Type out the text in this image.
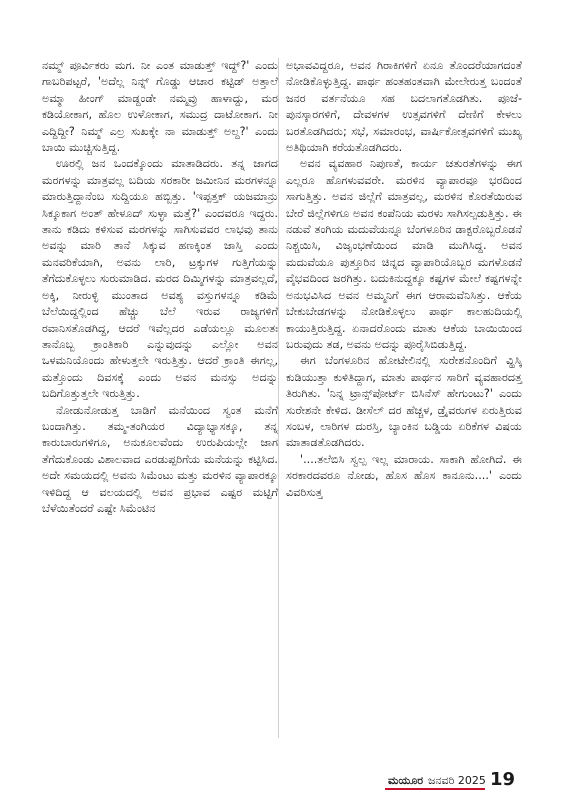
ನಮ್ಮ್ ಪೂರ್ವಿಕರು ಮಗ. ನೀ ಎಂತ ಮಾಡುತ್ತ್ ಇದ್ದ್?' ಎಂದು ಗಾಬರಿಪಟ್ಟರೆ, 'ಅದೆಲ್ಲ ನಿನ್ನ್ ಗೊಡ್ಡು ಆಚಾರ ಕಟ್ಟಿಡ್ ಅತ್ತಾಲೆ ಅಮ್ಮಾ ಹೀಂಗ್ ಮಾಡ್ದಂಡೇ ನಮ್ಮವ್ರು ಹಾಳಾದ್ದು, ಮರ ಕಡಿಯೋಕಾಗ, ಹೊಲ ಉಳೋಕಾಗ, ಸಮುದ್ರ ದಾಟೋಕಾಗ. ನೀ ಎದ್ದಿದ್ದೀ? ನಿಮ್ಮ್ ಎಲ್ರ ಸುಖಕ್ಕೇ ನಾ ಮಾಡುತ್ತ್ ಅಲ್ದ?' ಎಂದು ಬಾಯಿ ಮುಚ್ಚಿಸುತ್ತಿದ್ದ.

ಊರಲ್ಲಿ ಜನ ಒಂದಕ್ಕೊಂದು ಮಾತಾಡಿದರು. ತನ್ನ ಜಾಗದ ಮರಗಳನ್ನು ಮಾತ್ರವಲ್ಲ ಬದಿಯ ಸರಕಾರೀ ಜಮೀನಿನ ಮರಗಳನ್ನೂ ಮಾರುತ್ತಿದ್ದಾನೆಂಬ ಸುದ್ದಿಯೂ ಹಬ್ಬಿತ್ತು. 'ಇಪ್ಪತ್ತಕ್ ಯಜಮಾನ್ರು ಸಿಕ್ಕೂಕಾಗ ಅಂತ್ ಹೇಳೂದ್ ಸುಳ್ಳಾ ಮತ್ತೆ?' ಎಂದವರೂ ಇದ್ದರು. ತಾನು ಕಡಿದು ಕಳಿಸುವ ಮರಗಳನ್ನು ಸಾಗಿಸುವವರ ಲಾಭವು ತಾನು ಅವನ್ನು ಮಾರಿ ತಾನೆ ಸಿಕ್ಕುವ ಹಣಕ್ಕಿಂತ ಜಾಸ್ತಿ ಎಂದು ಮನವರಿಕೆಯಾಗಿ, ಅವನು ಲಾರಿ, ಟ್ರಕ್ಕುಗಳ ಗುತ್ತಿಗೆಯನ್ನು ತೆಗೆದುಕೊಳ್ಳಲು ಸುರುಮಾಡಿದ. ಮರದ ದಿಮ್ಮಿಗಳನ್ನು ಮಾತ್ರವಲ್ಲದೆ, ಅಕ್ಕಿ, ನೀರುಳ್ಳಿ ಮುಂತಾದ ಅವಶ್ಯ ವಸ್ತುಗಳನ್ನೂ ಕಡಿಮೆ ಬೆಲೆಯಿದ್ದಲ್ಲಿಂದ ಹೆಚ್ಚು ಬೆಲೆ ಇರುವ ರಾಜ್ಯಗಳಿಗೆ ರವಾನಿಸತೊಡಗಿದ್ದ, ಆದರೆ ಇವೆಲ್ಲದರ ಎಡೆಯಲ್ಲೂ ಮೂಲತಃ ತಾನೊಬ್ಬ ಕ್ರಾಂತಿಕಾರಿ ಎನ್ನುವುದನ್ನು ಎಲ್ಲೋ ಅವನ ಒಳಮನಿಯೊಂದು ಹೇಳುತ್ತಲೇ ಇರುತ್ತಿತ್ತು. ಆದರೆ ಕ್ರಾಂತಿ ಈಗಲ್ಲ, ಮತ್ತೊಂದು ದಿವಸಕ್ಕೆ ಎಂದು ಅವನ ಮನಸ್ಸು ಅದನ್ನು ಬದಿಗೊತ್ತುತ್ತಲೇ ಇರುತ್ತಿತ್ತು.

ನೋಡುನೋಡುತ್ತ ಬಾಡಿಗೆ ಮನೆಯಿಂದ ಸ್ವಂತ ಮನೆಗೆ ಬಂದಾಗಿತ್ತು. ತಮ್ಮ-ತಂಗಿಯರ ವಿದ್ಯಾಭ್ಯಾಸಕ್ಕೂ, ತನ್ನ ಕಾರುಬಾರುಗಳಿಗೂ, ಅನುಕೂಲವೆಂದು ಉರುಪಿಯಲ್ಲೇ ಜಾಗ ತೆಗೆದುಕೊಂಡು ವಿಶಾಲವಾದ ಎರಡುಪ್ಪರಿಗೆಯ ಮನೆಯನ್ನು ಕಟ್ಟಿಸಿದ. ಅದೇ ಸಮಯದಲ್ಲಿ ಅವನು ಸಿಮೆಂಟು ಮತ್ತು ಮರಳಿನ ವ್ಯಾಪಾರಕ್ಕೂ ಇಳಿದಿದ್ದ ಆ ವಲಯದಲ್ಲಿ ಅವನ ಪ್ರಭಾವ ಎಷ್ಟರ ಮಟ್ಟಿಗೆ ಬೆಳೆಯಿತೆಂದರೆ ಎಷ್ಟೇ ಸಿಮೆಂಟಿನ

ಅಭಾವವಿದ್ದರೂ, ಅವನ ಗಿರಾಕಿಗಳಿಗೆ ಏನೂ ತೊಂದರೆಯಾಗದಂತೆ ನೋಡಿಕೊಳ್ಳುತ್ತಿದ್ದ. ಪಾರ್ಥ ಹಂತಹಂತವಾಗಿ ಮೇಲೇರುತ್ತ ಬಂದಂತೆ ಜನರ ವರ್ತನೆಯೂ ಸಹ ಬದಲಾಗತೊಡಗಿತು. ಪೂಜೆ-ಪುನಸ್ಕಾರಗಳಿಗೆ, ದೇವಳಗಳ ಉತ್ಸವಗಳಿಗೆ ದೇಣಿಗೆ ಕೇಳಲು ಬರತೊಡಗಿದರು; ಸಭೆ, ಸಮಾರಂಭ, ವಾರ್ಷಿಕೋತ್ಸವಗಳಿಗೆ ಮುಖ್ಯ ಅತಿಥಿಯಾಗಿ ಕರೆಯತೊಡಗಿದರು.

ಅವನ ವ್ಯವಹಾರ ನಿಪುಣತೆ, ಕಾರ್ಯ ಚತುರತೆಗಳನ್ನು ಈಗ ಎಲ್ಲರೂ ಹೊಗಳುವವರೇ. ಮರಳಿನ ವ್ಯಾಪಾರವೂ ಭರದಿಂದ ಸಾಗುತ್ತಿತ್ತು. ಅವನ ಜಿಲ್ಲೆಗೆ ಮಾತ್ರವಲ್ಲ, ಮರಳಿನ ಕೊರತೆಯಿರುವ ಬೇರೆ ಜಿಲ್ಲೆಗಳಿಗೂ ಅವನ ಕಂಪೆನಿಯ ಮರಳು ಸಾಗಿಸಲ್ಪಡುತ್ತಿತ್ತು. ಈ ನಡುವೆ ತಂಗಿಯ ಮದುವೆಯನ್ನೂ ಬೆಂಗಳೂರಿನ ಡಾಕ್ಟರೊಬ್ಬರೊಡನೆ ನಿಶ್ಚಯಿಸಿ, ವಿಜೃಂಭಣೆಯಿಂದ ಮಾಡಿ ಮುಗಿಸಿದ್ದ. ಅವನ ಮದುವೆಯೂ ಪುತ್ತೂರಿನ ಚಿನ್ನದ ವ್ಯಾಪಾರಿಯೊಬ್ಬರ ಮಗಳೊಡನೆ ವೈಭವದಿಂದ ಜರಗಿತ್ತು. ಬದುಕಿನುದ್ದಕ್ಕೂ ಕಷ್ಟಗಳ ಮೇಲೆ ಕಷ್ಟಗಳನ್ನೇ ಅನುಭವಿಸಿದ ಅವನ ಅಮ್ಮನಿಗೆ ಈಗ ಆರಾಮವೆನಿಸಿತ್ತು. ಆಕೆಯ ಬೇಕುಬೇಡಗಳನ್ನು ನೋಡಿಕೊಳ್ಳಲು ಪಾರ್ಥ ಕಾಲಹುದಿಯಲ್ಲಿ ಕಾಯುತ್ತಿರುತ್ತಿದ್ದ. ಏನಾದರೊಂದು ಮಾತು ಆಕೆಯ ಬಾಯಿಯಿಂದ ಬರುವುದು ತಡ, ಅವನು ಅದನ್ನು ಪೂರೈಸಿಬಿಡುತ್ತಿದ್ದ.

ಈಗ ಬೆಂಗಳೂರಿನ ಹೋಟೇಲಿನಲ್ಲಿ ಸುರೇಶನೊಂದಿಗೆ ವ್ಹಿಸ್ಕಿ ಕುಡಿಯುತ್ತಾ ಕುಳಿತಿದ್ದಾಗ, ಮಾತು ಪಾರ್ಥನ ಸಾರಿಗೆ ವ್ಯವಹಾರದತ್ತ ತಿರುಗಿತು. 'ನಿನ್ನ ಟ್ರಾನ್ಸ್‌ಪೋರ್ಟ್ ಬಿಸಿನೆಸ್ ಹೇಗುಂಟು?' ಎಂದು ಸುರೇಶನೇ ಕೇಳಿದ. ಡೀಸೆಲ್ ದರ ಹೆಚ್ಚಳ, ಡ್ರೈವರುಗಳ ಏರುತ್ತಿರುವ ಸಂಬಳ, ಲಾರಿಗಳ ದುರಸ್ತಿ, ಬ್ಯಾಂಕಿನ ಬಡ್ಡಿಯ ಏರಿಕೆಗಳ ವಿಷಯ ಮಾತಾಡತೊಡಗಿದರು.

'....ತಲೆಬಿಸಿ ಸ್ವಲ್ಪ ಇಲ್ಲ ಮಾರಾಯ. ಸಾಕಾಗಿ ಹೋಗಿದೆ. ಈ ಸರಕಾರದವರೂ ನೋಡು, ಹೊಸ ಹೊಸ ಕಾನೂನು....' ಎಂದು ವಿವರಿಸುತ್ತ

ಮಯೂರ ಜನವರಿ 2025 19
